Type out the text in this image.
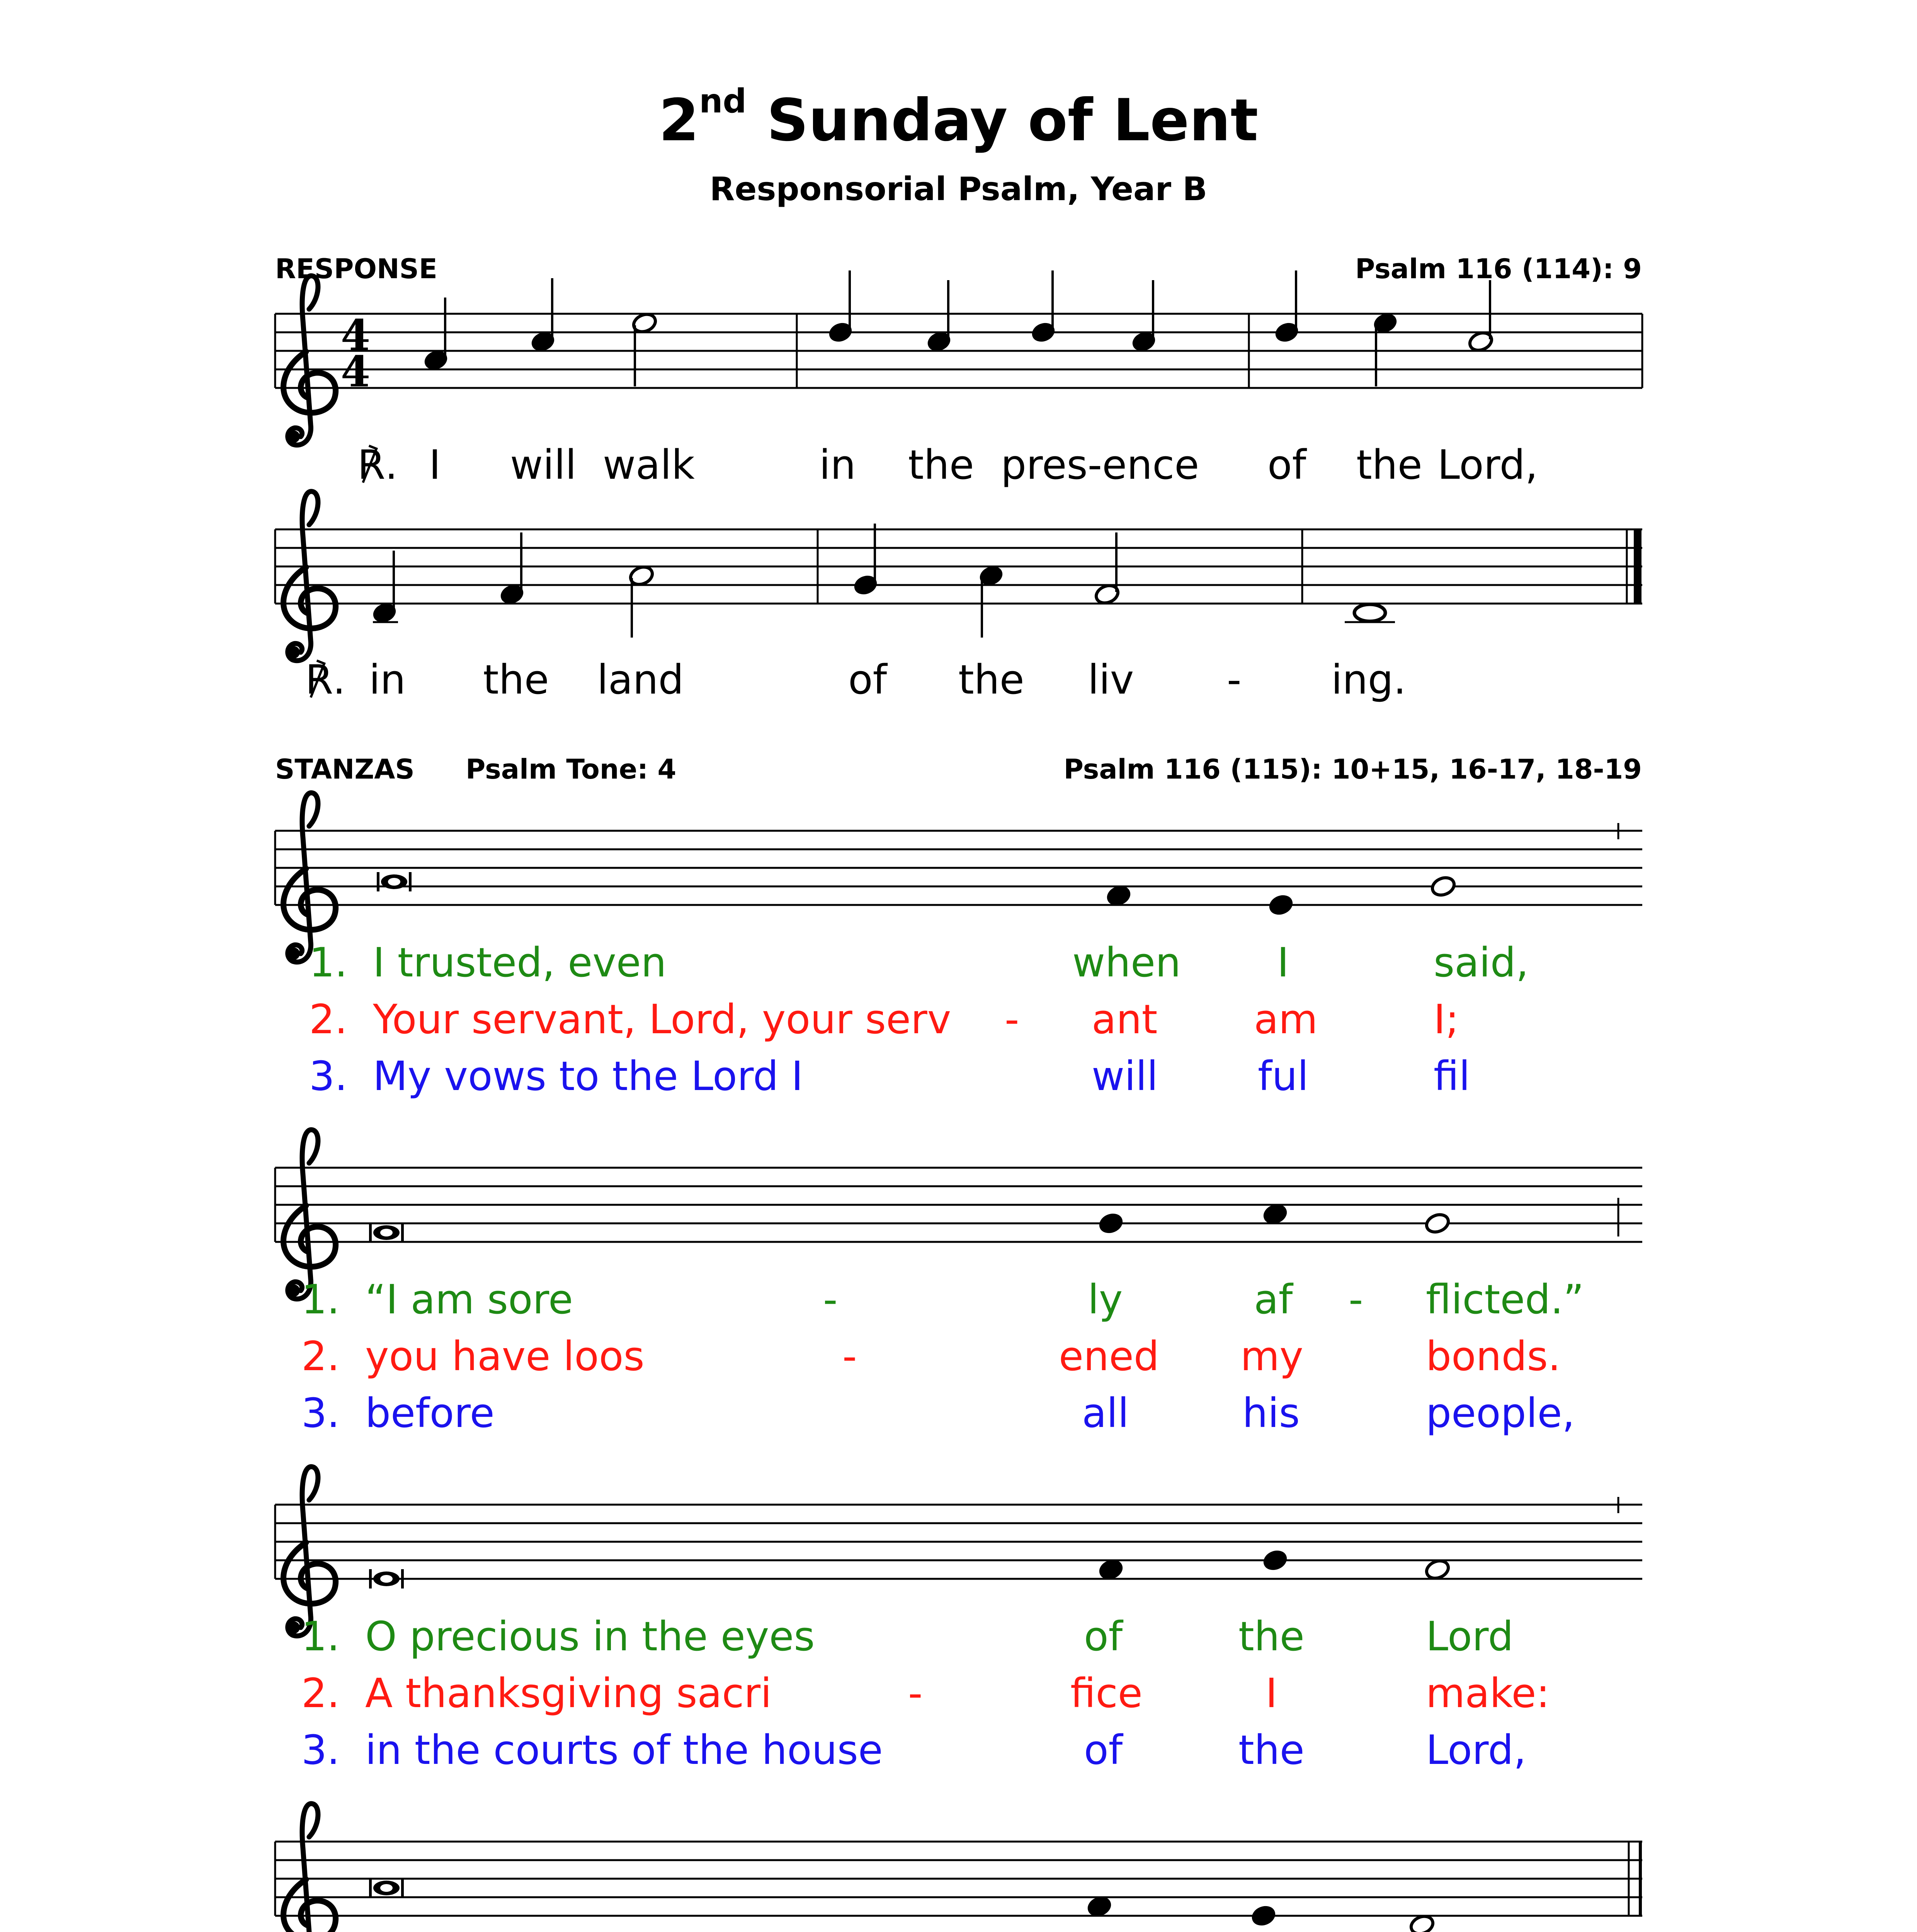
2nd Sunday of Lent
Responsorial Psalm, Year B
RESPONSE	Psalm 116 (114): 9
4
4
℟. I will walk	in the pres-ence of the Lord,
℟. in the land	of the liv - ing.
STANZAS Psalm Tone: 4	Psalm 116 (115): 10+15, 16-17, 18-19
1. I trusted, even	when I	said,
2. Your servant, Lord, your serv - ant am	I;
3. My vows to the Lord I	will ful	fil
1. “I am sore	-	ly	af - flicted.”
2. you have loos	-	ened my	bonds.
3. before	all	his	people,
1. O precious in the eyes	of	the	Lord
2. A thanksgiving sacri	-	fice	I	make:
3. in the courts of the house	of	the	Lord,
